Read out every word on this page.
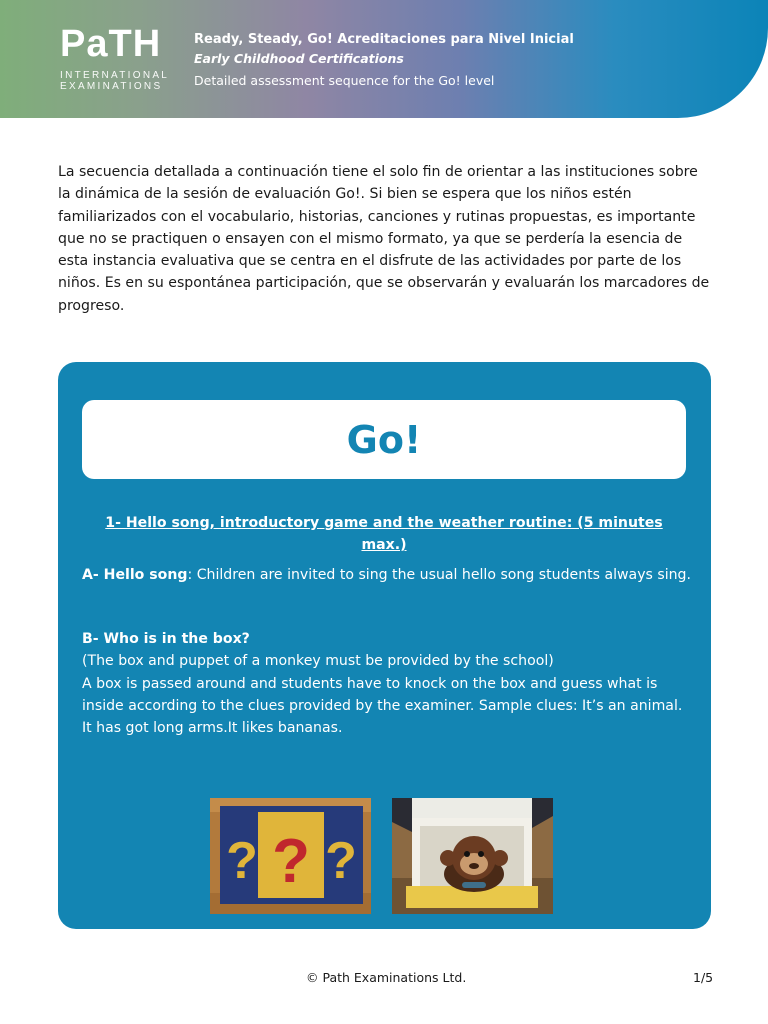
PaTH
INTERNATIONAL
EXAMINATIONS
Ready, Steady, Go! Acreditaciones para Nivel Inicial
Early Childhood Certifications
Detailed assessment sequence for the Go! level

La secuencia detallada a continuación tiene el solo fin de orientar a las instituciones sobre la dinámica de la sesión de evaluación Go!. Si bien se espera que los niños estén familiarizados con el vocabulario, historias, canciones y rutinas propuestas, es importante que no se practiquen o ensayen con el mismo formato, ya que se perdería la esencia de esta instancia evaluativa que se centra en el disfrute de las actividades por parte de los niños. Es en su espontánea participación, que se observarán y evaluarán los marcadores de progreso.

Go!
1- Hello song, introductory game and the weather routine: (5 minutes max.)
A- Hello song: Children are invited to sing the usual hello song students always sing.
B- Who is in the box?
(The box and puppet of a monkey must be provided by the school)
A box is passed around and students have to knock on the box and guess what is inside according to the clues provided by the examiner. Sample clues: It’s an animal. It has got long arms.It likes bananas.
? ? ?
© Path Examinations Ltd.	1/5
